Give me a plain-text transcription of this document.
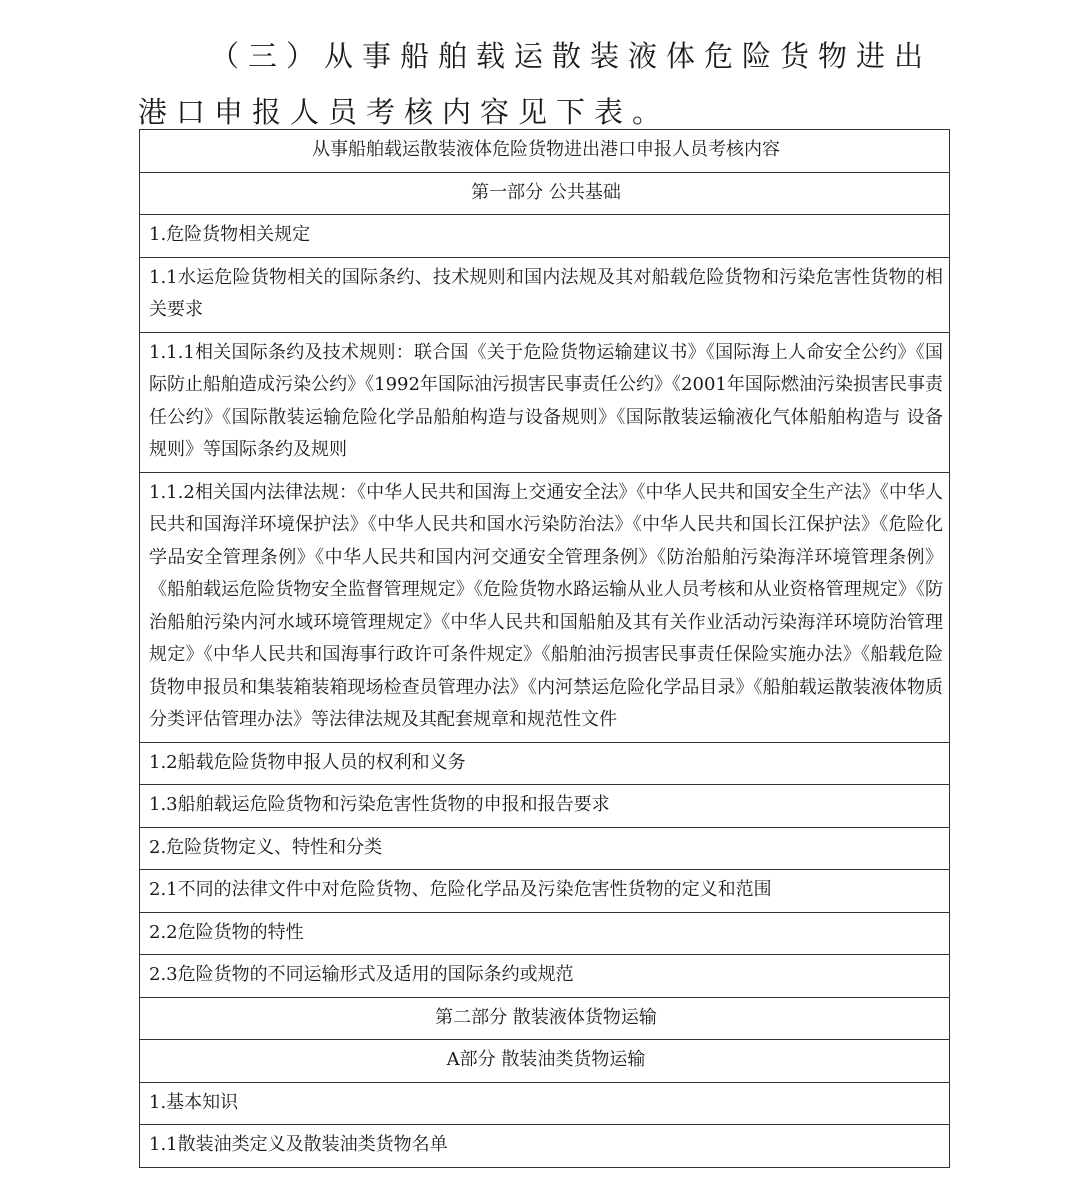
（三）从事船舶载运散装液体危险货物进出港口申报人员考核内容见下表。

从事船舶载运散装液体危险货物进出港口申报人员考核内容
第一部分 公共基础
1.危险货物相关规定
1.1水运危险货物相关的国际条约、技术规则和国内法规及其对船载危险货物和污染危害性货物的相关要求
1.1.1相关国际条约及技术规则：联合国《关于危险货物运输建议书》《国际海上人命安全公约》《国际防止船舶造成污染公约》《1992年国际油污损害民事责任公约》《2001年国际燃油污染损害民事责任公约》《国际散装运输危险化学品船舶构造与设备规则》《国际散装运输液化气体船舶构造与 设备规则》等国际条约及规则
1.1.2相关国内法律法规：《中华人民共和国海上交通安全法》《中华人民共和国安全生产法》《中华人民共和国海洋环境保护法》《中华人民共和国水污染防治法》《中华人民共和国长江保护法》《危险化学品安全管理条例》《中华人民共和国内河交通安全管理条例》《防治船舶污染海洋环境管理条例》《船舶载运危险货物安全监督管理规定》《危险货物水路运输从业人员考核和从业资格管理规定》《防治船舶污染内河水域环境管理规定》《中华人民共和国船舶及其有关作业活动污染海洋环境防治管理规定》《中华人民共和国海事行政许可条件规定》《船舶油污损害民事责任保险实施办法》《船载危险货物申报员和集装箱装箱现场检查员管理办法》《内河禁运危险化学品目录》《船舶载运散装液体物质分类评估管理办法》等法律法规及其配套规章和规范性文件
1.2船载危险货物申报人员的权利和义务
1.3船舶载运危险货物和污染危害性货物的申报和报告要求
2.危险货物定义、特性和分类
2.1不同的法律文件中对危险货物、危险化学品及污染危害性货物的定义和范围
2.2危险货物的特性
2.3危险货物的不同运输形式及适用的国际条约或规范
第二部分 散装液体货物运输
A部分 散装油类货物运输
1.基本知识
1.1散装油类定义及散装油类货物名单
